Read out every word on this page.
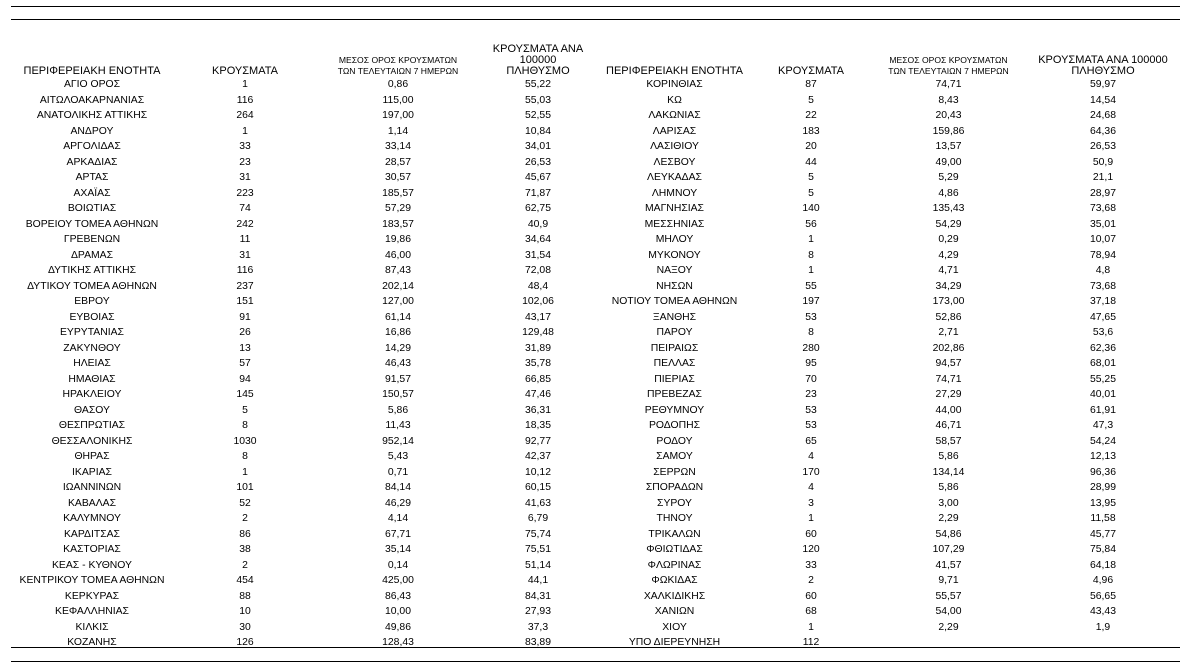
ΠΕΡΙΦΕΡΕΙΑΚΗ ΕΝΟΤΗΤΑ	ΚΡΟΥΣΜΑΤΑ	ΜΕΣΟΣ ΟΡΟΣ ΚΡΟΥΣΜΑΤΩΝ
ΤΩΝ ΤΕΛΕΥΤΑΙΩΝ 7 ΗΜΕΡΩΝ	ΚΡΟΥΣΜΑΤΑ ΑΝΑ 100000
ΠΛΗΘΥΣΜΟ	ΠΕΡΙΦΕΡΕΙΑΚΗ ΕΝΟΤΗΤΑ	ΚΡΟΥΣΜΑΤΑ	ΜΕΣΟΣ ΟΡΟΣ ΚΡΟΥΣΜΑΤΩΝ
ΤΩΝ ΤΕΛΕΥΤΑΙΩΝ 7 ΗΜΕΡΩΝ	ΚΡΟΥΣΜΑΤΑ ΑΝΑ 100000
ΠΛΗΘΥΣΜΟ
ΑΓΙΟ ΟΡΟΣ	1	0,86	55,22	ΚΟΡΙΝΘΙΑΣ	87	74,71	59,97
ΑΙΤΩΛΟΑΚΑΡΝΑΝΙΑΣ	116	115,00	55,03	ΚΩ	5	8,43	14,54
ΑΝΑΤΟΛΙΚΗΣ ΑΤΤΙΚΗΣ	264	197,00	52,55	ΛΑΚΩΝΙΑΣ	22	20,43	24,68
ΑΝΔΡΟΥ	1	1,14	10,84	ΛΑΡΙΣΑΣ	183	159,86	64,36
ΑΡΓΟΛΙΔΑΣ	33	33,14	34,01	ΛΑΣΙΘΙΟΥ	20	13,57	26,53
ΑΡΚΑΔΙΑΣ	23	28,57	26,53	ΛΕΣΒΟΥ	44	49,00	50,9
ΑΡΤΑΣ	31	30,57	45,67	ΛΕΥΚΑΔΑΣ	5	5,29	21,1
ΑΧΑΪΑΣ	223	185,57	71,87	ΛΗΜΝΟΥ	5	4,86	28,97
ΒΟΙΩΤΙΑΣ	74	57,29	62,75	ΜΑΓΝΗΣΙΑΣ	140	135,43	73,68
ΒΟΡΕΙΟΥ ΤΟΜΕΑ ΑΘΗΝΩΝ	242	183,57	40,9	ΜΕΣΣΗΝΙΑΣ	56	54,29	35,01
ΓΡΕΒΕΝΩΝ	11	19,86	34,64	ΜΗΛΟΥ	1	0,29	10,07
ΔΡΑΜΑΣ	31	46,00	31,54	ΜΥΚΟΝΟΥ	8	4,29	78,94
ΔΥΤΙΚΗΣ ΑΤΤΙΚΗΣ	116	87,43	72,08	ΝΑΞΟΥ	1	4,71	4,8
ΔΥΤΙΚΟΥ ΤΟΜΕΑ ΑΘΗΝΩΝ	237	202,14	48,4	ΝΗΣΩΝ	55	34,29	73,68
ΕΒΡΟΥ	151	127,00	102,06	ΝΟΤΙΟΥ ΤΟΜΕΑ ΑΘΗΝΩΝ	197	173,00	37,18
ΕΥΒΟΙΑΣ	91	61,14	43,17	ΞΑΝΘΗΣ	53	52,86	47,65
ΕΥΡΥΤΑΝΙΑΣ	26	16,86	129,48	ΠΑΡΟΥ	8	2,71	53,6
ΖΑΚΥΝΘΟΥ	13	14,29	31,89	ΠΕΙΡΑΙΩΣ	280	202,86	62,36
ΗΛΕΙΑΣ	57	46,43	35,78	ΠΕΛΛΑΣ	95	94,57	68,01
ΗΜΑΘΙΑΣ	94	91,57	66,85	ΠΙΕΡΙΑΣ	70	74,71	55,25
ΗΡΑΚΛΕΙΟΥ	145	150,57	47,46	ΠΡΕΒΕΖΑΣ	23	27,29	40,01
ΘΑΣΟΥ	5	5,86	36,31	ΡΕΘΥΜΝΟΥ	53	44,00	61,91
ΘΕΣΠΡΩΤΙΑΣ	8	11,43	18,35	ΡΟΔΟΠΗΣ	53	46,71	47,3
ΘΕΣΣΑΛΟΝΙΚΗΣ	1030	952,14	92,77	ΡΟΔΟΥ	65	58,57	54,24
ΘΗΡΑΣ	8	5,43	42,37	ΣΑΜΟΥ	4	5,86	12,13
ΙΚΑΡΙΑΣ	1	0,71	10,12	ΣΕΡΡΩΝ	170	134,14	96,36
ΙΩΑΝΝΙΝΩΝ	101	84,14	60,15	ΣΠΟΡΑΔΩΝ	4	5,86	28,99
ΚΑΒΑΛΑΣ	52	46,29	41,63	ΣΥΡΟΥ	3	3,00	13,95
ΚΑΛΥΜΝΟΥ	2	4,14	6,79	ΤΗΝΟΥ	1	2,29	11,58
ΚΑΡΔΙΤΣΑΣ	86	67,71	75,74	ΤΡΙΚΑΛΩΝ	60	54,86	45,77
ΚΑΣΤΟΡΙΑΣ	38	35,14	75,51	ΦΘΙΩΤΙΔΑΣ	120	107,29	75,84
ΚΕΑΣ - ΚΥΘΝΟΥ	2	0,14	51,14	ΦΛΩΡΙΝΑΣ	33	41,57	64,18
ΚΕΝΤΡΙΚΟΥ ΤΟΜΕΑ ΑΘΗΝΩΝ	454	425,00	44,1	ΦΩΚΙΔΑΣ	2	9,71	4,96
ΚΕΡΚΥΡΑΣ	88	86,43	84,31	ΧΑΛΚΙΔΙΚΗΣ	60	55,57	56,65
ΚΕΦΑΛΛΗΝΙΑΣ	10	10,00	27,93	ΧΑΝΙΩΝ	68	54,00	43,43
ΚΙΛΚΙΣ	30	49,86	37,3	ΧΙΟΥ	1	2,29	1,9
ΚΟΖΑΝΗΣ	126	128,43	83,89	ΥΠΟ ΔΙΕΡΕΥΝΗΣΗ	112		
